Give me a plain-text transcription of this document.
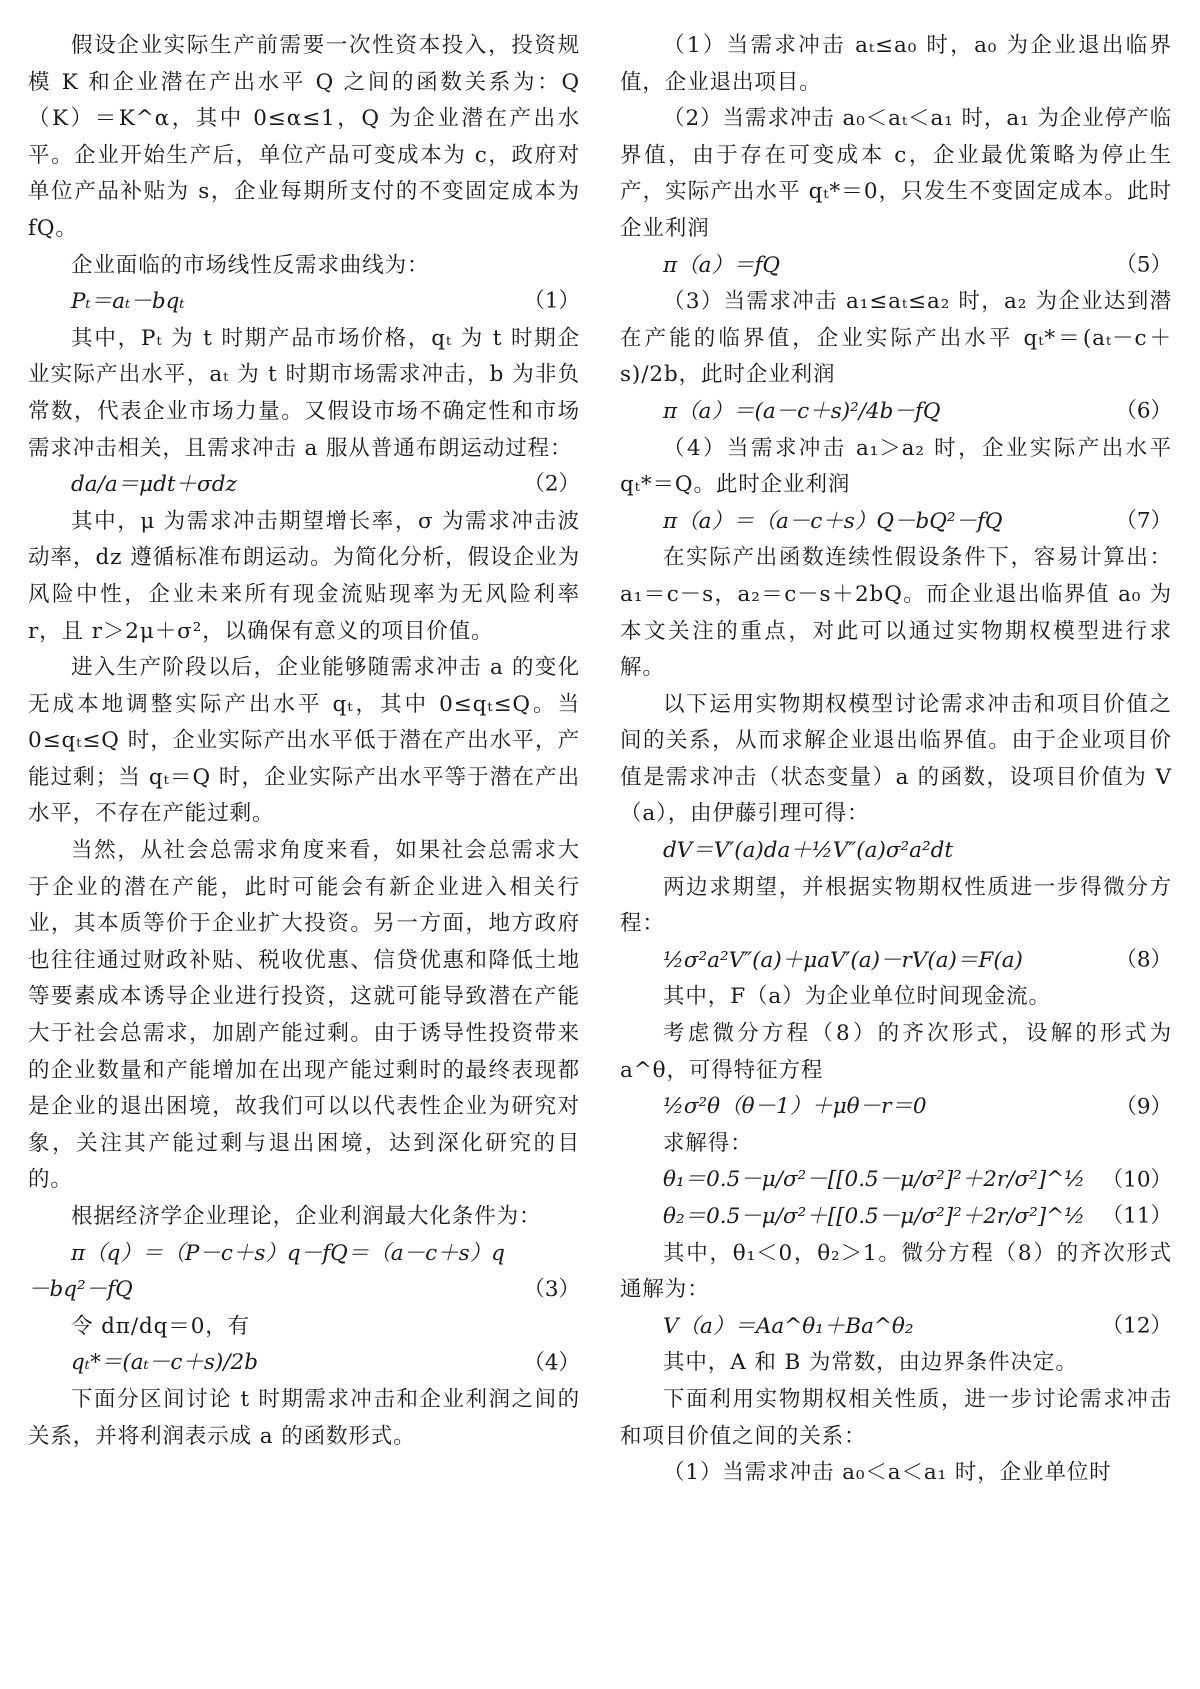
假设企业实际生产前需要一次性资本投入，投资规模 K 和企业潜在产出水平 Q 之间的函数关系为：Q（K）＝K^α，其中 0≤α≤1，Q 为企业潜在产出水平。企业开始生产后，单位产品可变成本为 c，政府对单位产品补贴为 s，企业每期所支付的不变固定成本为 fQ。

企业面临的市场线性反需求曲线为：

Pₜ＝aₜ－bqₜ	（1）

其中，Pₜ 为 t 时期产品市场价格，qₜ 为 t 时期企业实际产出水平，aₜ 为 t 时期市场需求冲击，b 为非负常数，代表企业市场力量。又假设市场不确定性和市场需求冲击相关，且需求冲击 a 服从普通布朗运动过程：

da/a＝μdt＋σdz	（2）

其中，μ 为需求冲击期望增长率，σ 为需求冲击波动率，dz 遵循标准布朗运动。为简化分析，假设企业为风险中性，企业未来所有现金流贴现率为无风险利率 r，且 r＞2μ＋σ²，以确保有意义的项目价值。

进入生产阶段以后，企业能够随需求冲击 a 的变化无成本地调整实际产出水平 qₜ，其中 0≤qₜ≤Q。当 0≤qₜ≤Q 时，企业实际产出水平低于潜在产出水平，产能过剩；当 qₜ＝Q 时，企业实际产出水平等于潜在产出水平，不存在产能过剩。

当然，从社会总需求角度来看，如果社会总需求大于企业的潜在产能，此时可能会有新企业进入相关行业，其本质等价于企业扩大投资。另一方面，地方政府也往往通过财政补贴、税收优惠、信贷优惠和降低土地等要素成本诱导企业进行投资，这就可能导致潜在产能大于社会总需求，加剧产能过剩。由于诱导性投资带来的企业数量和产能增加在出现产能过剩时的最终表现都是企业的退出困境，故我们可以以代表性企业为研究对象，关注其产能过剩与退出困境，达到深化研究的目的。

根据经济学企业理论，企业利润最大化条件为：

π（q）＝（P－c＋s）q－fQ＝（a－c＋s）q
－bq²－fQ	（3）

令 dπ/dq＝0，有

qₜ*＝(aₜ－c＋s)/2b	（4）

下面分区间讨论 t 时期需求冲击和企业利润之间的关系，并将利润表示成 a 的函数形式。

（1）当需求冲击 aₜ≤a₀ 时，a₀ 为企业退出临界值，企业退出项目。

（2）当需求冲击 a₀＜aₜ＜a₁ 时，a₁ 为企业停产临界值，由于存在可变成本 c，企业最优策略为停止生产，实际产出水平 qₜ*＝0，只发生不变固定成本。此时企业利润

π（a）＝fQ	（5）

（3）当需求冲击 a₁≤aₜ≤a₂ 时，a₂ 为企业达到潜在产能的临界值，企业实际产出水平 qₜ*＝(aₜ－c＋s)/2b，此时企业利润

π（a）＝(a－c＋s)²/4b－fQ	（6）

（4）当需求冲击 a₁＞a₂ 时，企业实际产出水平 qₜ*＝Q。此时企业利润

π（a）＝（a－c＋s）Q－bQ²－fQ	（7）

在实际产出函数连续性假设条件下，容易计算出：a₁＝c－s，a₂＝c－s＋2bQ。而企业退出临界值 a₀ 为本文关注的重点，对此可以通过实物期权模型进行求解。

以下运用实物期权模型讨论需求冲击和项目价值之间的关系，从而求解企业退出临界值。由于企业项目价值是需求冲击（状态变量）a 的函数，设项目价值为 V（a），由伊藤引理可得：

dV＝V′(a)da＋½V″(a)σ²a²dt

两边求期望，并根据实物期权性质进一步得微分方程：

½σ²a²V″(a)＋μaV′(a)－rV(a)＝F(a)	（8）

其中，F（a）为企业单位时间现金流。

考虑微分方程（8）的齐次形式，设解的形式为 a^θ，可得特征方程

½σ²θ（θ－1）＋μθ－r＝0	（9）

求解得：

θ₁＝0.5－μ/σ²－[[0.5－μ/σ²]²＋2r/σ²]^½ （10）
θ₂＝0.5－μ/σ²＋[[0.5－μ/σ²]²＋2r/σ²]^½ （11）

其中，θ₁＜0，θ₂＞1。微分方程（8）的齐次形式通解为：

V（a）＝Aa^θ₁＋Ba^θ₂	（12）

其中，A 和 B 为常数，由边界条件决定。

下面利用实物期权相关性质，进一步讨论需求冲击和项目价值之间的关系：

（1）当需求冲击 a₀＜a＜a₁ 时，企业单位时
